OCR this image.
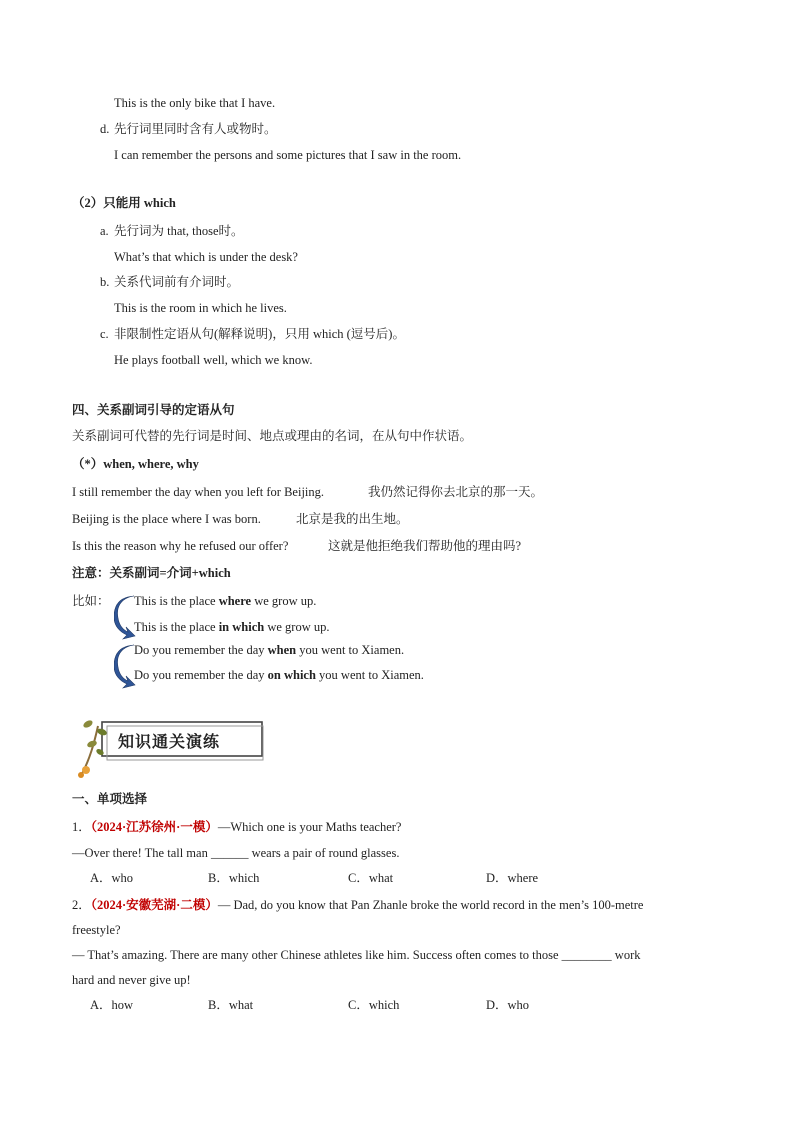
This is the only bike that I have.
d. 先行词里同时含有人或物时。
I can remember the persons and some pictures that I saw in the room.
（2）只能用 which
a. 先行词为 that, those时。
What’s that which is under the desk?
b. 关系代词前有介词时。
This is the room in which he lives.
c. 非限制性定语从句(解释说明)，只用 which (逗号后)。
He plays football well, which we know.
四、关系副词引导的定语从句
关系副词可代替的先行词是时间、地点或理由的名词，在从句中作状语。
（*）when, where, why
I still remember the day when you left for Beijing.	我仍然记得你去北京的那一天。
Beijing is the place where I was born.	北京是我的出生地。
Is this the reason why he refused our offer?	这就是他拒绝我们帮助他的理由吗?
注意：关系副词=介词+which
比如： This is the place where we grow up.
This is the place in which we grow up.
Do you remember the day when you went to Xiamen.
Do you remember the day on which you went to Xiamen.
知识通关演练
一、单项选择
1．（2024·江苏徐州·一模）—Which one is your Maths teacher?
—Over there! The tall man ______ wears a pair of round glasses.
A．who	B．which	C．what	D．where
2．（2024·安徽芜湖·二模）— Dad, do you know that Pan Zhanle broke the world record in the men’s 100-metre
freestyle?
— That’s amazing. There are many other Chinese athletes like him. Success often comes to those ________ work
hard and never give up!
A．how	B．what	C．which	D．who
